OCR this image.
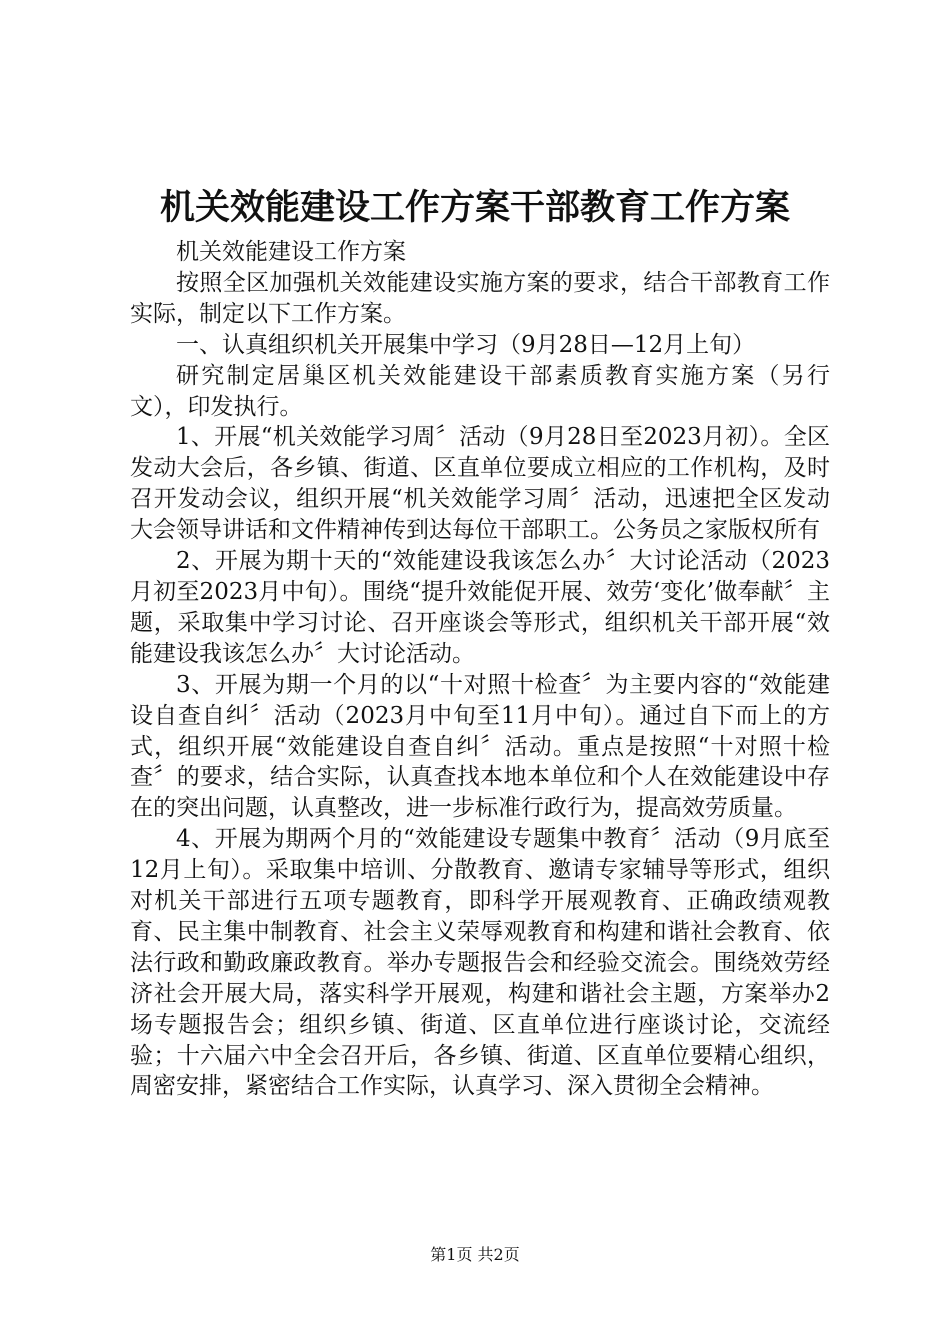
机关效能建设工作方案干部教育工作方案

机关效能建设工作方案

按照全区加强机关效能建设实施方案的要求，结合干部教育工作实际，制定以下工作方案。

一、认真组织机关开展集中学习（9月28日—12月上旬）

研究制定居巢区机关效能建设干部素质教育实施方案（另行文），印发执行。

1、开展“机关效能学习周〞活动（9月28日至2023月初）。全区发动大会后，各乡镇、街道、区直单位要成立相应的工作机构，及时召开发动会议，组织开展“机关效能学习周〞活动，迅速把全区发动大会领导讲话和文件精神传到达每位干部职工。公务员之家版权所有

2、开展为期十天的“效能建设我该怎么办〞大讨论活动（2023月初至2023月中旬）。围绕“提升效能促开展、效劳‘变化’做奉献〞主题，采取集中学习讨论、召开座谈会等形式，组织机关干部开展“效能建设我该怎么办〞大讨论活动。

3、开展为期一个月的以“十对照十检查〞为主要内容的“效能建设自查自纠〞活动（2023月中旬至11月中旬）。通过自下而上的方式，组织开展“效能建设自查自纠〞活动。重点是按照“十对照十检查〞的要求，结合实际，认真查找本地本单位和个人在效能建设中存在的突出问题，认真整改，进一步标准行政行为，提高效劳质量。

4、开展为期两个月的“效能建设专题集中教育〞活动（9月底至12月上旬）。采取集中培训、分散教育、邀请专家辅导等形式，组织对机关干部进行五项专题教育，即科学开展观教育、正确政绩观教育、民主集中制教育、社会主义荣辱观教育和构建和谐社会教育、依法行政和勤政廉政教育。举办专题报告会和经验交流会。围绕效劳经济社会开展大局，落实科学开展观，构建和谐社会主题，方案举办2场专题报告会；组织乡镇、街道、区直单位进行座谈讨论，交流经验；十六届六中全会召开后，各乡镇、街道、区直单位要精心组织，周密安排，紧密结合工作实际，认真学习、深入贯彻全会精神。

第1页 共2页
